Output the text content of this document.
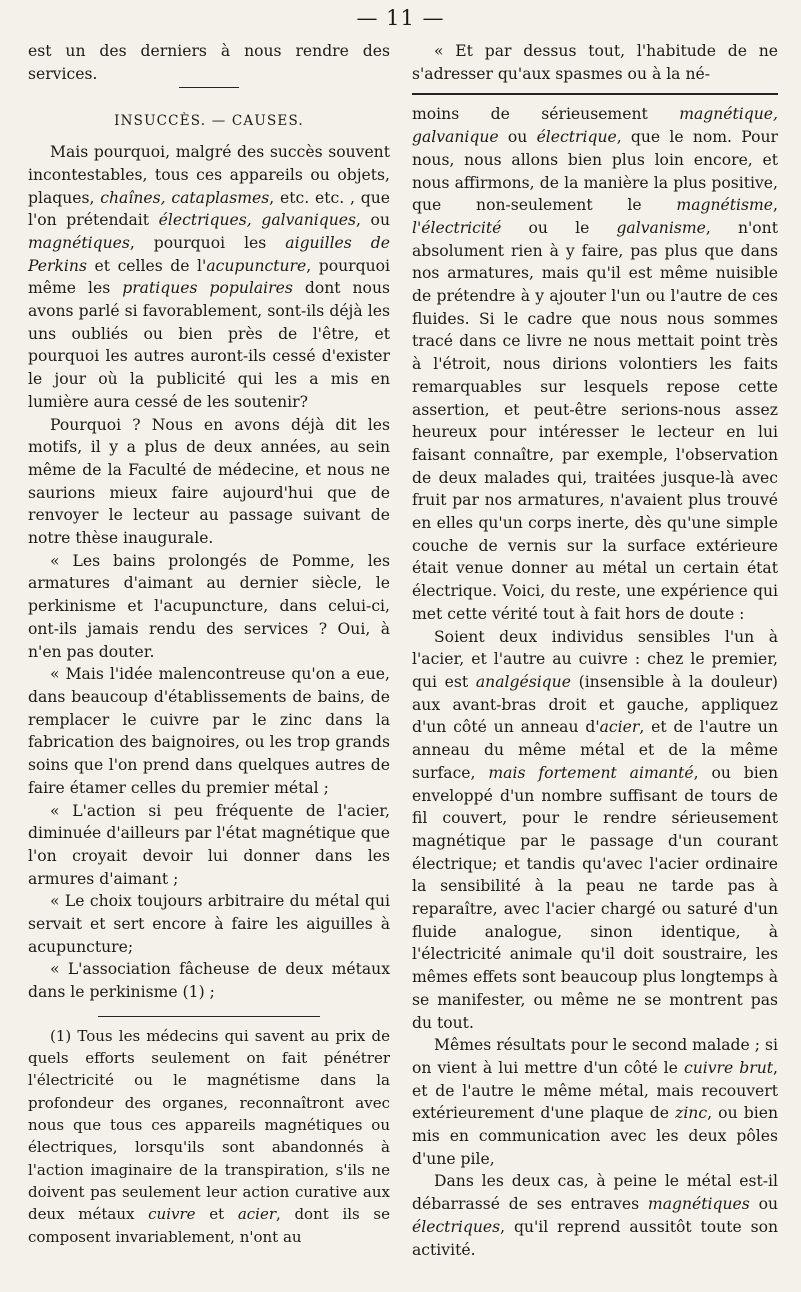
— 11 —

est un des derniers à nous rendre des services.

INSUCCÈS. — CAUSES.

Mais pourquoi, malgré des succès souvent incontestables, tous ces appareils ou objets, plaques, chaînes, cataplasmes, etc. etc. , que l'on prétendait électriques, galvaniques, ou magnétiques, pourquoi les aiguilles de Perkins et celles de l'acupuncture, pourquoi même les pratiques populaires dont nous avons parlé si favorablement, sont-ils déjà les uns oubliés ou bien près de l'être, et pourquoi les autres auront-ils cessé d'exister le jour où la publicité qui les a mis en lumière aura cessé de les soutenir?

Pourquoi ? Nous en avons déjà dit les motifs, il y a plus de deux années, au sein même de la Faculté de médecine, et nous ne saurions mieux faire aujourd'hui que de renvoyer le lecteur au passage suivant de notre thèse inaugurale.

« Les bains prolongés de Pomme, les armatures d'aimant au dernier siècle, le perkinisme et l'acupuncture, dans celui-ci, ont-ils jamais rendu des services ? Oui, à n'en pas douter.

« Mais l'idée malencontreuse qu'on a eue, dans beaucoup d'établissements de bains, de remplacer le cuivre par le zinc dans la fabrication des baignoires, ou les trop grands soins que l'on prend dans quelques autres de faire étamer celles du premier métal ;

« L'action si peu fréquente de l'acier, diminuée d'ailleurs par l'état magnétique que l'on croyait devoir lui donner dans les armures d'aimant ;

« Le choix toujours arbitraire du métal qui servait et sert encore à faire les aiguilles à acupuncture;

« L'association fâcheuse de deux métaux dans le perkinisme (1) ;

(1) Tous les médecins qui savent au prix de quels efforts seulement on fait pénétrer l'électricité ou le magnétisme dans la profondeur des organes, reconnaîtront avec nous que tous ces appareils magnétiques ou électriques, lorsqu'ils sont abandonnés à l'action imaginaire de la transpiration, s'ils ne doivent pas seulement leur action curative aux deux métaux cuivre et acier, dont ils se composent invariablement, n'ont au

« Et par dessus tout, l'habitude de ne s'adresser qu'aux spasmes ou à la né-

moins de sérieusement magnétique, galvanique ou électrique, que le nom. Pour nous, nous allons bien plus loin encore, et nous affirmons, de la manière la plus positive, que non-seulement le magnétisme, l'électricité ou le galvanisme, n'ont absolument rien à y faire, pas plus que dans nos armatures, mais qu'il est même nuisible de prétendre à y ajouter l'un ou l'autre de ces fluides. Si le cadre que nous nous sommes tracé dans ce livre ne nous mettait point très à l'étroit, nous dirions volontiers les faits remarquables sur lesquels repose cette assertion, et peut-être serions-nous assez heureux pour intéresser le lecteur en lui faisant connaître, par exemple, l'observation de deux malades qui, traitées jusque-là avec fruit par nos armatures, n'avaient plus trouvé en elles qu'un corps inerte, dès qu'une simple couche de vernis sur la surface extérieure était venue donner au métal un certain état électrique. Voici, du reste, une expérience qui met cette vérité tout à fait hors de doute :

Soient deux individus sensibles l'un à l'acier, et l'autre au cuivre : chez le premier, qui est analgésique (insensible à la douleur) aux avant-bras droit et gauche, appliquez d'un côté un anneau d'acier, et de l'autre un anneau du même métal et de la même surface, mais fortement aimanté, ou bien enveloppé d'un nombre suffisant de tours de fil couvert, pour le rendre sérieusement magnétique par le passage d'un courant électrique; et tandis qu'avec l'acier ordinaire la sensibilité à la peau ne tarde pas à reparaître, avec l'acier chargé ou saturé d'un fluide analogue, sinon identique, à l'électricité animale qu'il doit soustraire, les mêmes effets sont beaucoup plus longtemps à se manifester, ou même ne se montrent pas du tout.

Mêmes résultats pour le second malade ; si on vient à lui mettre d'un côté le cuivre brut, et de l'autre le même métal, mais recouvert extérieurement d'une plaque de zinc, ou bien mis en communication avec les deux pôles d'une pile,

Dans les deux cas, à peine le métal est-il débarrassé de ses entraves magnétiques ou électriques, qu'il reprend aussitôt toute son activité.
